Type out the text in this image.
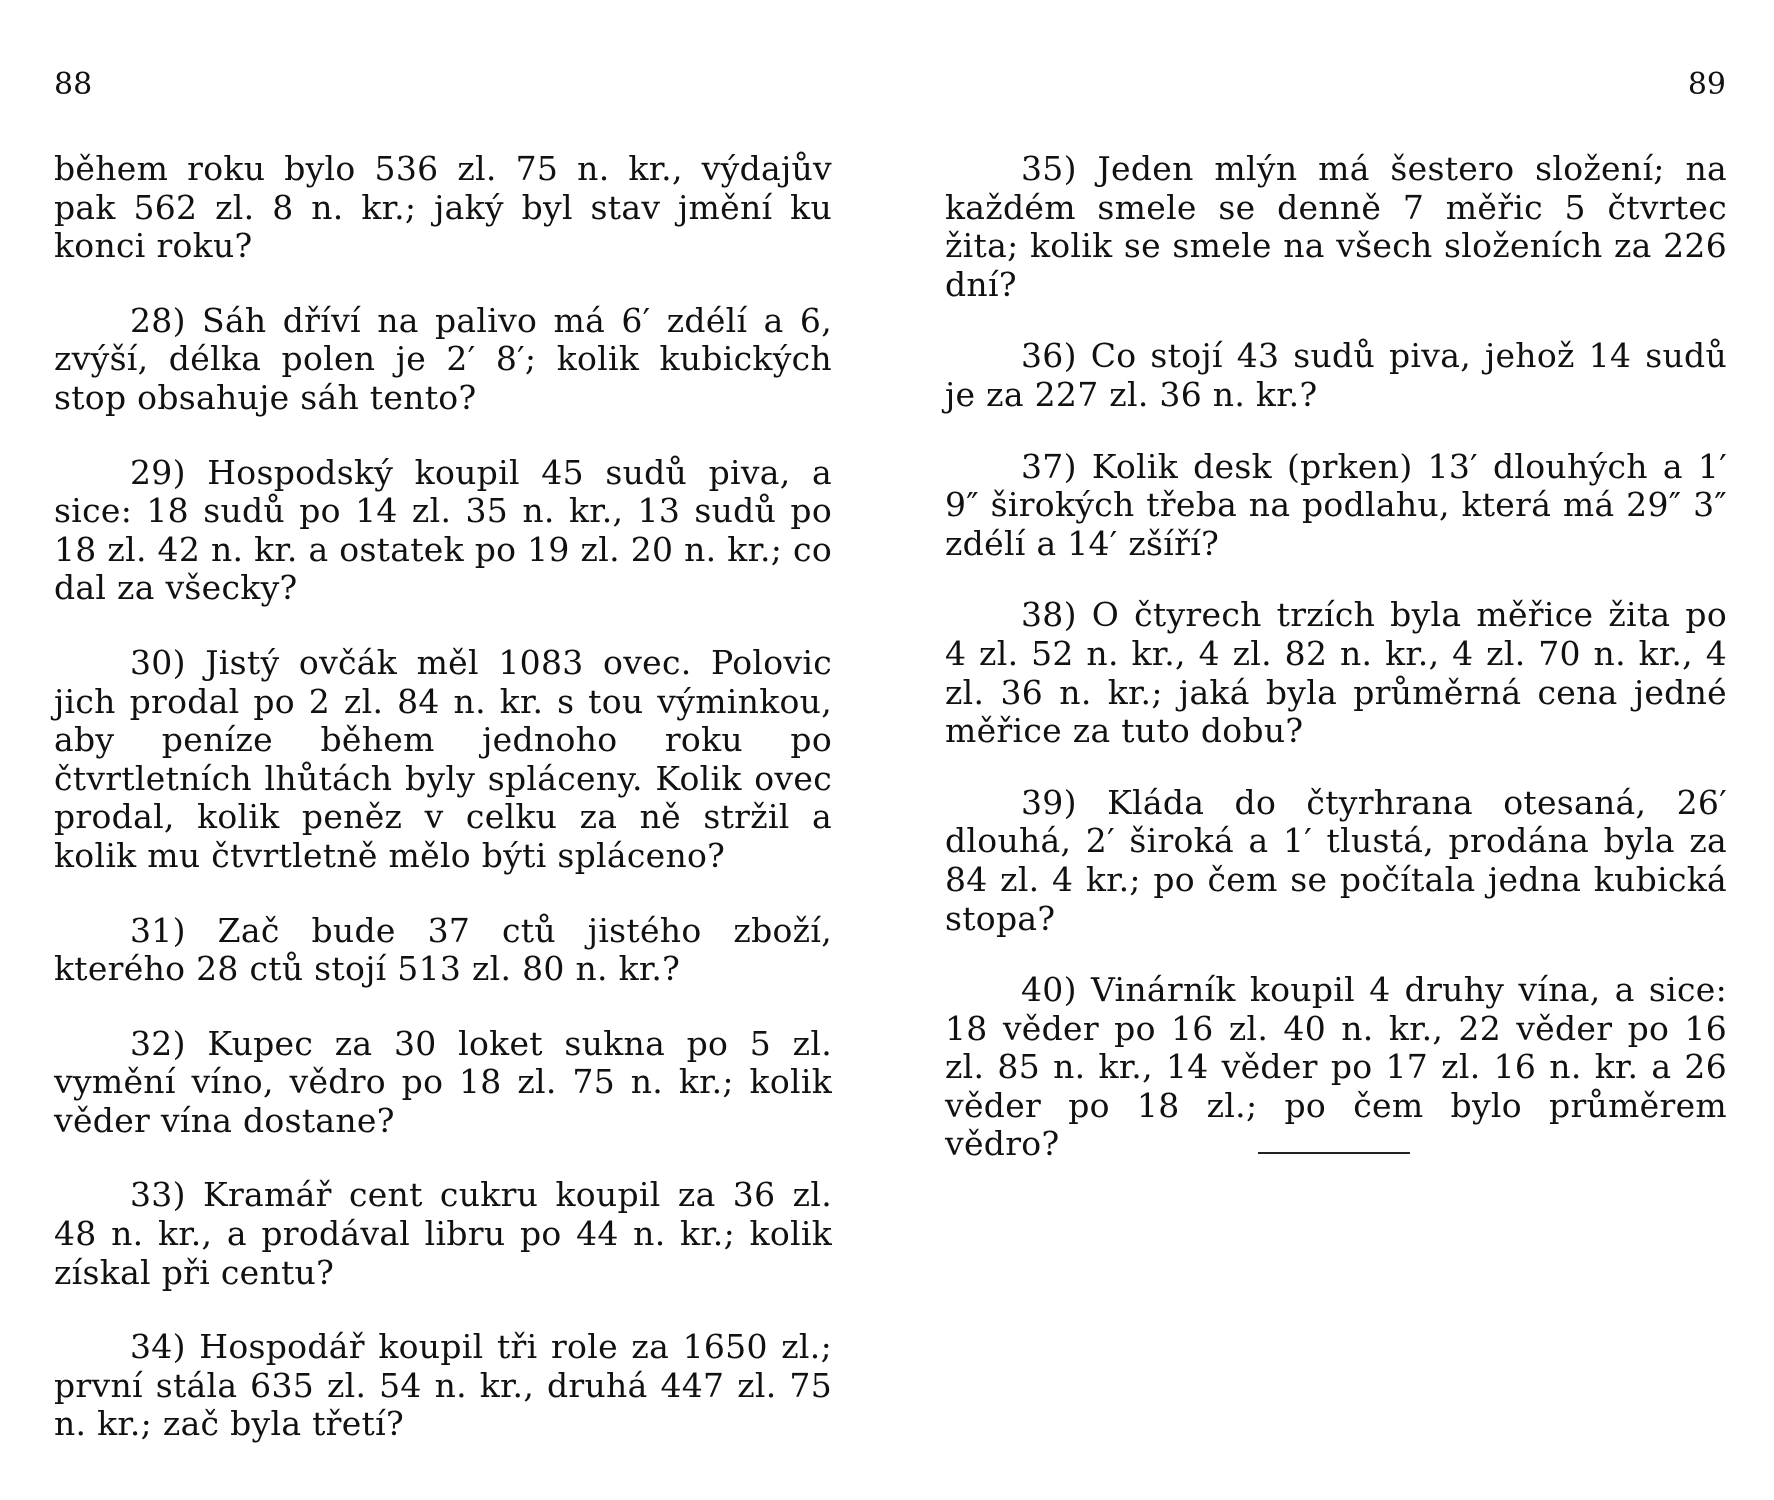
88	89

během roku bylo 536 zl. 75 n. kr., výdajův pak 562 zl. 8 n. kr.; jaký byl stav jmění ku konci roku?

28) Sáh dříví na palivo má 6′ zdélí a 6, zvýší, délka polen je 2′ 8′; kolik kubických stop obsahuje sáh tento?

29) Hospodský koupil 45 sudů piva, a sice: 18 sudů po 14 zl. 35 n. kr., 13 sudů po 18 zl. 42 n. kr. a ostatek po 19 zl. 20 n. kr.; co dal za všecky?

30) Jistý ovčák měl 1083 ovec. Polovic jich prodal po 2 zl. 84 n. kr. s tou výminkou, aby peníze během jednoho roku po čtvrtletních lhůtách byly spláceny. Kolik ovec prodal, kolik peněz v celku za ně stržil a kolik mu čtvrtletně mělo býti spláceno?

31) Zač bude 37 ctů jistého zboží, kterého 28 ctů stojí 513 zl. 80 n. kr.?

32) Kupec za 30 loket sukna po 5 zl. vymění víno, vědro po 18 zl. 75 n. kr.; kolik věder vína dostane?

33) Kramář cent cukru koupil za 36 zl. 48 n. kr., a prodával libru po 44 n. kr.; kolik získal při centu?

34) Hospodář koupil tři role za 1650 zl.; první stála 635 zl. 54 n. kr., druhá 447 zl. 75 n. kr.; zač byla třetí?

35) Jeden mlýn má šestero složení; na každém smele se denně 7 měřic 5 čtvrtec žita; kolik se smele na všech složeních za 226 dní?

36) Co stojí 43 sudů piva, jehož 14 sudů je za 227 zl. 36 n. kr.?

37) Kolik desk (prken) 13′ dlouhých a 1′ 9″ širokých třeba na podlahu, která má 29″ 3″ zdélí a 14′ zšíří?

38) O čtyrech trzích byla měřice žita po 4 zl. 52 n. kr., 4 zl. 82 n. kr., 4 zl. 70 n. kr., 4 zl. 36 n. kr.; jaká byla průměrná cena jedné měřice za tuto dobu?

39) Kláda do čtyrhrana otesaná, 26′ dlouhá, 2′ široká a 1′ tlustá, prodána byla za 84 zl. 4 kr.; po čem se počítala jedna kubická stopa?

40) Vinárník koupil 4 druhy vína, a sice: 18 věder po 16 zl. 40 n. kr., 22 věder po 16 zl. 85 n. kr., 14 věder po 17 zl. 16 n. kr. a 26 věder po 18 zl.; po čem bylo průměrem vědro?
